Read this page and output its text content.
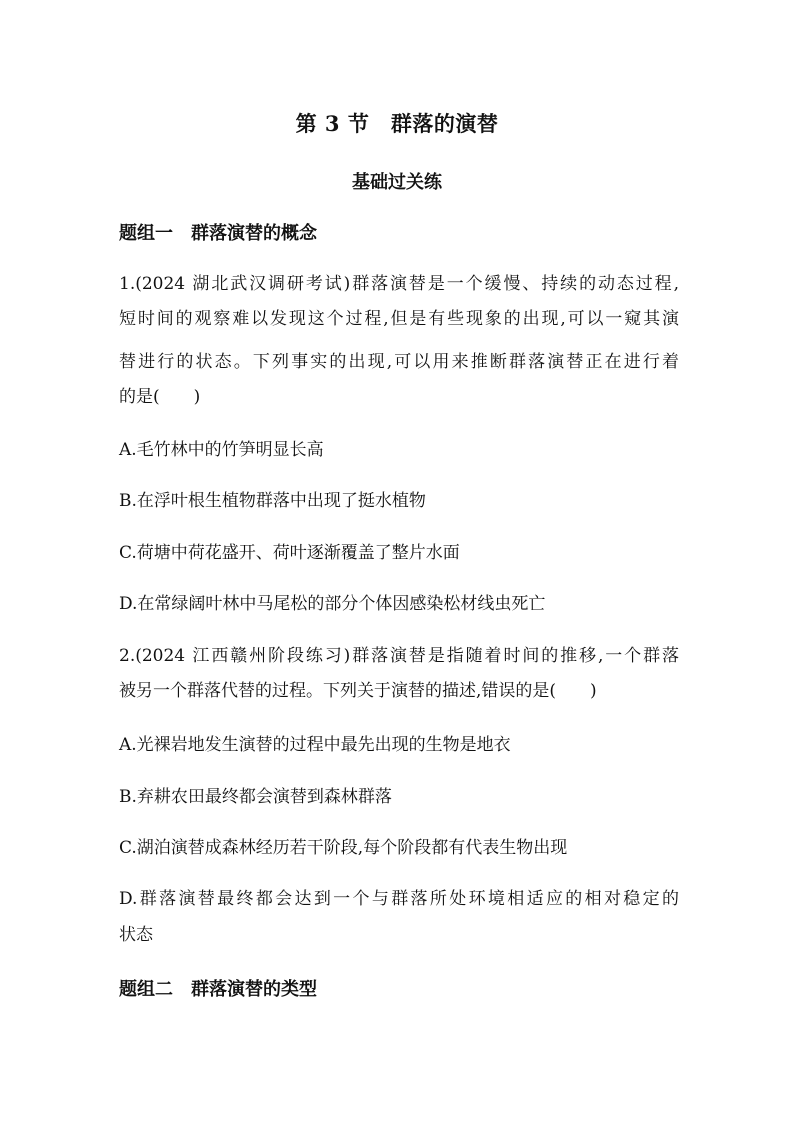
第 3 节　群落的演替
基础过关练
题组一　群落演替的概念
1.(2024 湖北武汉调研考试)群落演替是一个缓慢、持续的动态过程,
短时间的观察难以发现这个过程,但是有些现象的出现,可以一窥其演
替进行的状态。下列事实的出现,可以用来推断群落演替正在进行着
的是(　　)
A.毛竹林中的竹笋明显长高
B.在浮叶根生植物群落中出现了挺水植物
C.荷塘中荷花盛开、荷叶逐渐覆盖了整片水面
D.在常绿阔叶林中马尾松的部分个体因感染松材线虫死亡
2.(2024 江西赣州阶段练习)群落演替是指随着时间的推移,一个群落
被另一个群落代替的过程。下列关于演替的描述,错误的是(　　)
A.光裸岩地发生演替的过程中最先出现的生物是地衣
B.弃耕农田最终都会演替到森林群落
C.湖泊演替成森林经历若干阶段,每个阶段都有代表生物出现
D.群落演替最终都会达到一个与群落所处环境相适应的相对稳定的
状态
题组二　群落演替的类型
